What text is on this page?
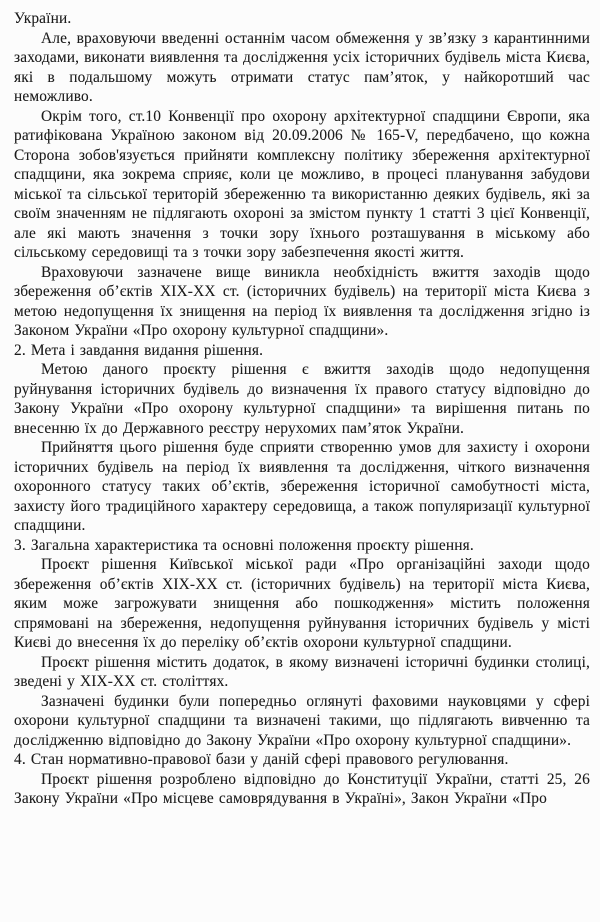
України.

Але, враховуючи введенні останнім часом обмеження у зв’язку з карантинними заходами, виконати виявлення та дослідження усіх історичних будівель міста Києва, які в подальшому можуть отримати статус пам’яток, у найкоротший час неможливо.

Окрім того, ст.10 Конвенції про охорону архітектурної спадщини Європи, яка ратифікована Україною законом від 20.09.2006 № 165-V, передбачено, що кожна Сторона зобов'язується прийняти комплексну політику збереження архітектурної спадщини, яка зокрема сприяє, коли це можливо, в процесі планування забудови міської та сільської територій збереженню та використанню деяких будівель, які за своїм значенням не підлягають охороні за змістом пункту 1 статті 3 цієї Конвенції, але які мають значення з точки зору їхнього розташування в міському або сільському середовищі та з точки зору забезпечення якості життя.

Враховуючи зазначене вище виникла необхідність вжиття заходів щодо збереження об’єктів XIX-XX ст. (історичних будівель) на території міста Києва з метою недопущення їх знищення на період їх виявлення та дослідження згідно із Законом України «Про охорону культурної спадщини».

2. Мета і завдання видання рішення.

Метою даного проєкту рішення є вжиття заходів щодо недопущення руйнування історичних будівель до визначення їх правого статусу відповідно до Закону України «Про охорону культурної спадщини» та вирішення питань по внесенню їх до Державного реєстру нерухомих пам’яток України.

Прийняття цього рішення буде сприяти створенню умов для захисту і охорони історичних будівель на період їх виявлення та дослідження, чіткого визначення охоронного статусу таких об’єктів, збереження історичної самобутності міста, захисту його традиційного характеру середовища, а також популяризації культурної спадщини.

3. Загальна характеристика та основні положення проєкту рішення.

Проєкт рішення Київської міської ради «Про організаційні заходи щодо збереження об’єктів XIX-XX ст. (історичних будівель) на території міста Києва, яким може загрожувати знищення або пошкодження» містить положення спрямовані на збереження, недопущення руйнування історичних будівель у місті Києві до внесення їх до переліку об’єктів охорони культурної спадщини.

Проєкт рішення містить додаток, в якому визначені історичні будинки столиці, зведені у XIX-XX ст. століттях.

Зазначені будинки були попередньо оглянуті фаховими науковцями у сфері охорони культурної спадщини та визначені такими, що підлягають вивченню та дослідженню відповідно до Закону України «Про охорону культурної спадщини».

4. Стан нормативно-правової бази у даній сфері правового регулювання.

Проєкт рішення розроблено відповідно до Конституції України, статті 25, 26 Закону України «Про місцеве самоврядування в Україні», Закон України «Про
